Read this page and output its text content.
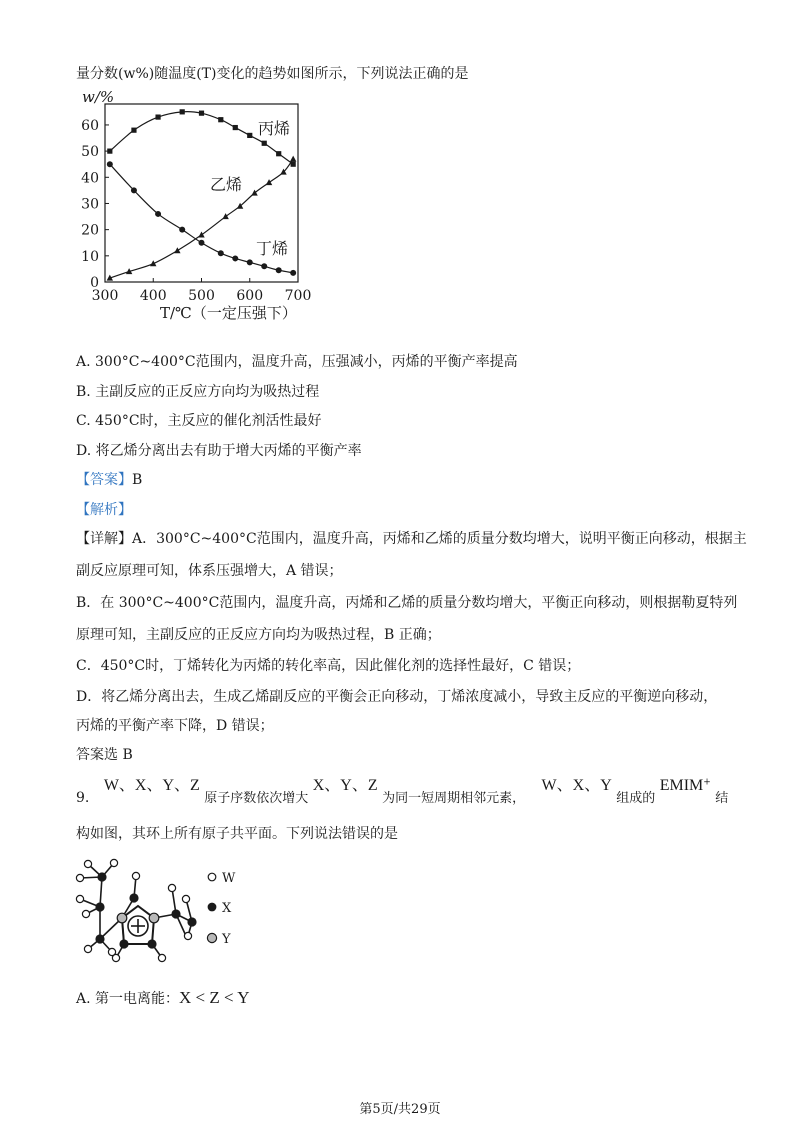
量分数(w%)随温度(T)变化的趋势如图所示，下列说法正确的是
w/%
0
10
20
30
40
50
60
300 400 500 600 700
T/℃（一定压强下）
丙烯
乙烯
丁烯
A. 300°C~400°C范围内，温度升高，压强减小，丙烯的平衡产率提高
B. 主副反应的正反应方向均为吸热过程
C. 450°C时，主反应的催化剂活性最好
D. 将乙烯分离出去有助于增大丙烯的平衡产率
【答案】B
【解析】
【详解】A．300°C~400°C范围内，温度升高，丙烯和乙烯的质量分数均增大，说明平衡正向移动，根据主
副反应原理可知，体系压强增大，A 错误；
B．在 300°C~400°C范围内，温度升高，丙烯和乙烯的质量分数均增大，平衡正向移动，则根据勒夏特列
原理可知，主副反应的正反应方向均为吸热过程，B 正确；
C．450°C时，丁烯转化为丙烯的转化率高，因此催化剂的选择性最好，C 错误；
D．将乙烯分离出去，生成乙烯副反应的平衡会正向移动，丁烯浓度减小，导致主反应的平衡逆向移动，
丙烯的平衡产率下降，D 错误；
答案选 B
9. W、X、Y、Z 原子序数依次增大 X、Y、Z 为同一短周期相邻元素， W、X、Y 组成的 EMIM+ 结
构如图，其环上所有原子共平面。下列说法错误的是
W
X
Y
A. 第一电离能：X < Z < Y
第5页/共29页
